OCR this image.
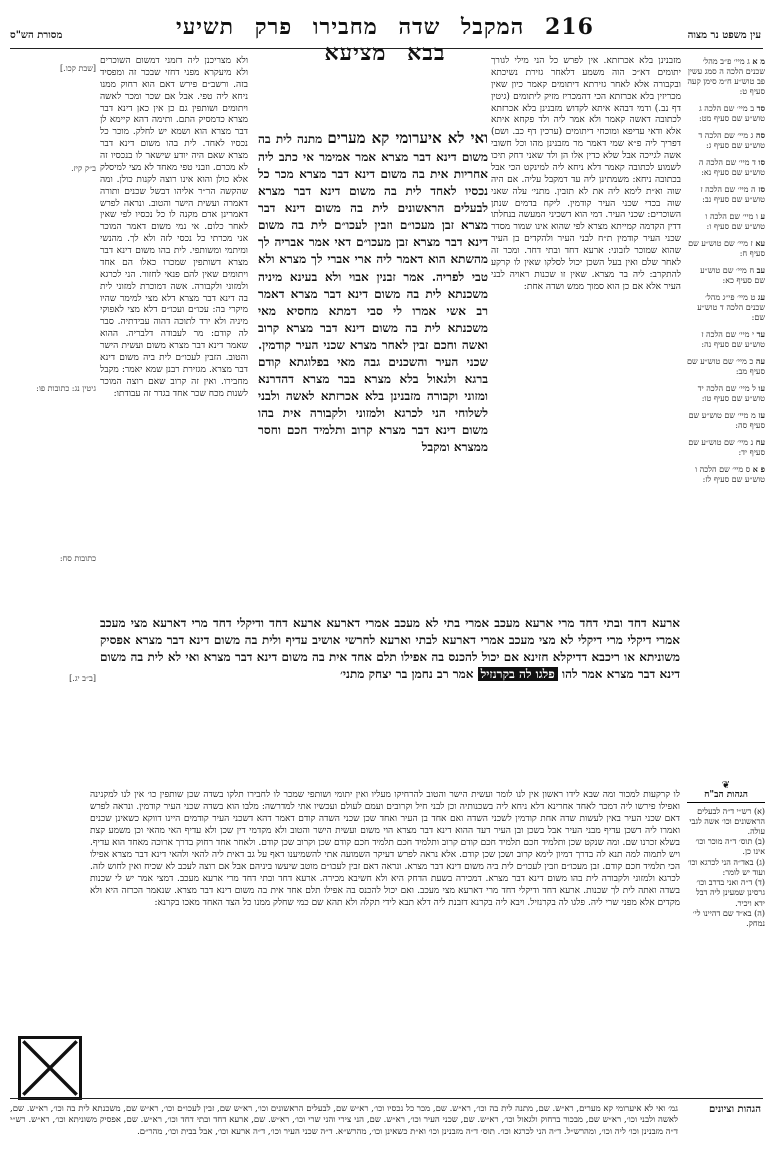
עין משפט נר מצוה
216 המקבל שדה מחבירו פרק תשיעי בבא מציעא
מסורת הש"ס
מ א ג מיי׳ פ״ב מהל׳ שכנים הלכה ה סמג עשין פב טוש״ע ח״מ סימן קעה סעיף ט:
סד ב מיי׳ שם הלכה ג טוש״ע שם סעיף מט:
סה ג מיי׳ שם הלכה ד טוש״ע שם סעיף ג:
סו ד מיי׳ שם הלכה ה טוש״ע שם סעיף נא:
סז ה מיי׳ שם הלכה ז טוש״ע שם סעיף נב:
ע ו מיי׳ שם הלכה ו טוש״ע שם סעיף ו:
עא ז מיי׳ שם טוש״ע שם סעיף ח:
עב ח מיי׳ שם טוש״ע שם סעיף כא:
עג ט מיי׳ פי״ג מהל׳ שכנים הלכה ד טוש״ע שם:
עד י מיי׳ שם הלכה ז טוש״ע שם סעיף נה:
עה כ מיי׳ שם טוש״ע שם סעיף מב:
עו ל מיי׳ שם הלכה יד טוש״ע שם סעיף טו:
עז מ מיי׳ שם טוש״ע שם סעיף סה:
עח נ מיי׳ שם טוש״ע שם סעיף יד:
פ א ס מיי׳ שם הלכה ו טוש״ע שם סעיף לז:
מזבנינן בלא אכרזתא. אין לפרש כל הני מילי לגורך יתומים דא״כ הוה משמע דלאחר גזירת נשיכתא ובקבורה אלא לאחר גזירתא דיתומים קאמר כיון שאין מכריזין בלא אכרזתא הכי דהמכריז מזיק ליתומים (גיטין דף נב.) ודמי דבהא איתא לקדוש מזבנינן בלא אכרזתא לכתובה דאשה קאמר ולא אמר ליה ולד פקחא איתא אלא ודאי עדיפא ומוכחי דיתומים (ערכין דף כב. ושם) דפריך ליה פ״א שמי דאמר מר מזבנינן מהו וכל חשובי אשה לגייכה אבל שלא כדין אלו הן ולד שאני דחק תיכו לשמוע לכתובה קאמר דלא ניחא ליה למינקט הכי אבל בכתובה ניחא: משמתינן ליה עד דמקבל עליה. אם היה שוה וא״ת לימא ליה את לא תזבין. מתני׳ עלה שאני שוה בכדי שכני העיר קודמין. ליקח בדמים שנתן השוכרים: שכני העיר. דמי הוא דשכיני המעשה בנחלתו דדין הקדמה קמייתא מצרא לפי שהוא אינו שמור מסדר שכני העיר קודמין ת״ח לבני העיר ולהקדים בן העיר שהוא שמוכר לזבוני: ארעא דחד ובתי דחד. ומכר זה לאחר שלם ואין בעל השכן יכול לסלקו שאין לו קרקע להתקרב: ליה בר מצרא. שאין זו שכנות ראויה לבני העיר אלא אם כן הוא סמוך ממש ושדה אחת:
ואי לא איערומי קא מערים מתנה לית בה משום דינא דבר מצרא אמר אמימר אי כתב ליה אחריות אית בה משום דינא דבר מצרא מכר כל נכסיו לאחד לית בה משום דינא דבר מצרא לבעלים הראשונים לית בה משום דינא דבר מצרא זבן מעכו״ם וזבין לעכו״ם לית בה משום דינא דבר מצרא זבן מעכו״ם דאי אמר אבריה לך מהשתא הוא דאמר ליה ארי אברי לך מצרא ולא טבי לפריה. אמר זבנין אבוי ולא בעינא מיניה משכנתא לית בה משום דינא דבר מצרא דאמר רב אשי אמרו לי סבי דמתא מחסיא מאי משכנתא לית בה משום דינא דבר מצרא קרוב ואשה וחכם זבין לאחר מצרא שכני העיר קודמין. שכני העיר והשכנים גבה מאי בפלוגתא קודם ברגא ולגאול בלא מצרא בבר מצרא דהדרנא ומזוני וקבורה מזבנינן בלא אכרזתא לאשה ולבני לשלוחי הני לכרגא ולמזוני ולקבורה אית בהו משום דינא דבר מצרא קרוב ותלמיד חכם וחסר ממצרא ומקבל
ולא מצריכנן ליה דזמני דמשום השוכרים ולא מיעקרא מפני דחזי שבכר זה ומפסיד בזה. ורשב״ם פירש דאם הוא רחוק ממנו ניחא ליה טפי. אבל אם שכר ומכר לאשה ויתומים ושותפין גם כן אין כאן דינא דבר מצרא כדמסיק התם. ותימה דהא קיימא לן דבר מצרא הוא ושמא יש לחלק. מוכר כל נכסיו לאחד. לית בהו משום דינא דבר מצרא שאם היה יודע שישאר לו בנכסיו זה לא מכרם. וזבני טפי מאחד לא מצי למיסלק אלא כולן והוא אינו רוצה לקנות כולן. ומה שהקשה הר״ר אליהו דבשל שכנים ותורה דאמרה ועשית הישר והטוב. ונראה לפרש דאמרינן אדם מקנה לו כל נכסיו לפי שאין לאחר כלום. אי נמי משום דאמר המוכר אני מכרתי כל נכסי לזה ולא לך. מהנשי ומיתמי ומשותפי. לית בהו משום דינא דבר מצרא דשותפין שמכרו כאלו הם אחד ויתומים שאין להם פנאי לחזור. הני לכרגא ולמזוני ולקבורה. אשה דמוכרת למזוני לית בה דינא דבר מצרא דלא מצי למימר שהיו מיקרי בה: עכו״ם ועכו״ם דלא מצי לאפוקי מיניה ולא ירד לתוכה דהוה עבידתיה. סבר לה קודם: מר לעבודה דלבריה. ההוא שאמר דינא דבר מצרא משום ועשית הישר והטוב. הזבין לעכו״ם לית ביה משום דינא דבר מצרא. מגזירת רבנן שמא יאמר: מקבל מחבירו. ואין זה קרוב שאם רוצה המוכר לשנות מכח שכר אחד בגדר זה עבודתו:
[שבת קכו.]
ב״ק קיז.
גיטין נג: כתובות פו:
כתובות סח:
[ב״ב יג.]
ארעא דחד ובתי דחד מרי ארעא מעכב אמרי בתי לא מעכב אמרי דארעא ארעא דחד ודיקלי דחד מרי דארעא מצי מעכב אמרי דיקלי מרי דיקלי לא מצי מעכב אמרי דארעא לבתי וארעא לחרשי אושיב עדיף ולית בה משום דינא דבר מצרא אפסיק משוניתא או ריכבא דדיקלא חזינא אם יכול להכנס בה אפילו תלם אחד אית בה משום דינא דבר מצרא ואי לא לית בה משום דינא דבר מצרא אמר להו פלגו לה בקרנזיל אמר רב נחמן בר יצחק מתני׳
❦
הגהות הב"ח
(א) רש״י ד״ה לבעלים הראשונים וכו׳ אשה לגבי עולה.
(ב) תוס׳ ד״ה מוכר וכו׳ אינו כן.
(ג) באד״ה הני לכרגא וכו׳ ועוד יש לומר:
(ד) ד״ה ואני בדרב וכו׳ גרסינן שמעינן ליה דבל ידא ויכיר.
(ה) בא״ד שם דהיינו לי׳ נמחק.
לו קרקעות למכור ומה שבא לידו ראשון אין לנו לומר ועשית הישר והטוב להרחיקו מעליו ואין יתומי ושותפי שמכר לו לחבירו תלקו בשדה שכן שותפין כו׳ אין לנו למקנינה ואפילו פירשו ליה דמכר לאחד אחרינא דלא ניחא ליה בשכנותיה וכן לבני חיל וקרובים ועמם לעולם ועכשיו אתי למדרשה: מלבו הוא בשדה שכני העיר קודמין. ונראה לפרש דאם שכני העיר באין לעשות שדה אחת קודמין לשכני השדה ואם אחד בן העיר ואחד שכן שכני השדה קודם דאמר דהא דשכני העיר קודמים היינו דווקא כשאינן שכנים ואמרו ליה דשכן עדיף מבני העיר אבל בשכן ובן העיר דעד ההוא דינא דבר מצרא הוי משום ועשית הישר והטוב ולא מקדמי דין שכן ולא עדיף האי מהאי וכן משמע קצת בשלא זכרנו שם. ומה שנקט שכן ותלמיד חכם תלמיד חכם קודם קרוב ותלמיד חכם תלמיד חכם קודם שכן וקרוב שכן קודם. ולאחר אחד רחוק בדרך ארוכה מאחד הוא עדיף. ויש לתמוה למה תנא לה בדרך דמיון לימא קרוב ושכן שכן קודם. אלא נראה לפרש דעיקר השמועה אתי להשמיענו דאף על גב דאית ליה להאי ולהאי דינא דבר מצרא אפילו הכי תלמיד חכם קודם. זבן מעכו״ם וזבין לעכו״ם לית ביה משום דינא דבר מצרא. ונראה דאם זבין לעכו״ם מוטב שיעשו ביניהם אבל אם רוצה לעכב לא שכיח ואין לחוש לזה. לכרגא ולמזוני ולקבורה לית בהו משום דינא דבר מצרא. דמכירה בשעת הדחק היא ולא חשיבא מכירה. ארעא דחד ובתי דחד מרי ארעא מעכב. דמצי אמר יש לי שכנות בשדה ואתה לית לך שכנות. ארעא דחד ודיקלי דחד מרי דארעא מצי מעכב. ואם יכול להכנס בה אפילו תלם אחד אית בה משום דינא דבר מצרא. שנאמר הכרזה היא ולא מקדים אלא מפני שרי ליה. פלגו לה בקרנזיל. ויבא ליה בקרנא דזבנת ליה דלא תבא לידי תקלה ולא תהא שם כמי שחלק ממנו כל הצד האחד מאכו בקרנא:
הגהות וציונים
גמ׳ ואי לא איערומי קא מערים, רא״ש. שם, מתנה לית בה וכו׳, רא״ש. שם, מכר כל נכסיו וכו׳, רא״ש שם, לבעלים הראשונים וכו׳, רא״ש שם, זבין לעכו״ם וכו׳, רא״ש שם, משכנתא לית בה וכו׳, רא״ש. שם, לאשה ולבני וכו׳, רא״ש שם, מבכור ברחוק ולגאול וכו׳, רא״ש. שם, שכני העיר וכו׳, רא״ש. שם, הני צירי והני שרי וכו׳, רא״ש. שם, ארעא דחד ובתי דחד וכו׳, רא״ש. שם, אפסיק משוניתא וכו׳, רא״ש. רש״י ד״ה מזבנינן וכו׳ ליה וכו׳, ומהרש״ל. ד״ה הני לכרגא וכו׳. תוס׳ ד״ה מזבנינן וכו׳ וא״ת כשאינן וכו׳, מהרש״א. ד״ה שכני העיר וכו׳, ד״ה ארעא וכו׳, אבל בבית וכו׳, מהר״ם.
